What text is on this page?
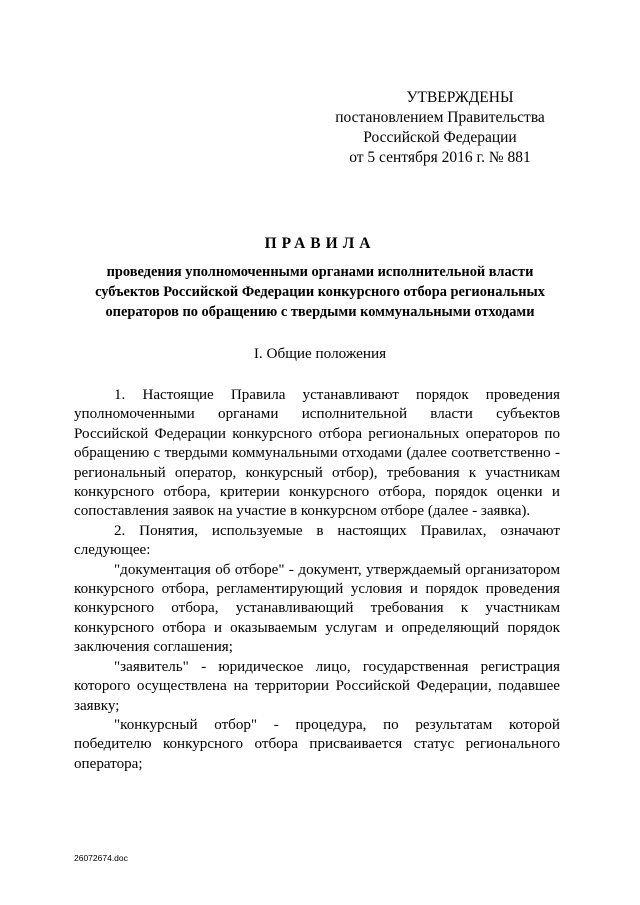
УТВЕРЖДЕНЫ
постановлением Правительства
Российской Федерации
от 5 сентября 2016 г. № 881
ПРАВИЛА
проведения уполномоченными органами исполнительной власти
субъектов Российской Федерации конкурсного отбора региональных
операторов по обращению с твердыми коммунальными отходами
I. Общие положения

1. Настоящие Правила устанавливают порядок проведения уполномоченными органами исполнительной власти субъектов Российской Федерации конкурсного отбора региональных операторов по обращению с твердыми коммунальными отходами (далее соответственно - региональный оператор, конкурсный отбор), требования к участникам конкурсного отбора, критерии конкурсного отбора, порядок оценки и сопоставления заявок на участие в конкурсном отборе (далее - заявка).

2. Понятия, используемые в настоящих Правилах, означают следующее:

"документация об отборе" - документ, утверждаемый организатором конкурсного отбора, регламентирующий условия и порядок проведения конкурсного отбора, устанавливающий требования к участникам конкурсного отбора и оказываемым услугам и определяющий порядок заключения соглашения;

"заявитель" - юридическое лицо, государственная регистрация которого осуществлена на территории Российской Федерации, подавшее заявку;

"конкурсный отбор" - процедура, по результатам которой победителю конкурсного отбора присваивается статус регионального оператора;

26072674.doc
